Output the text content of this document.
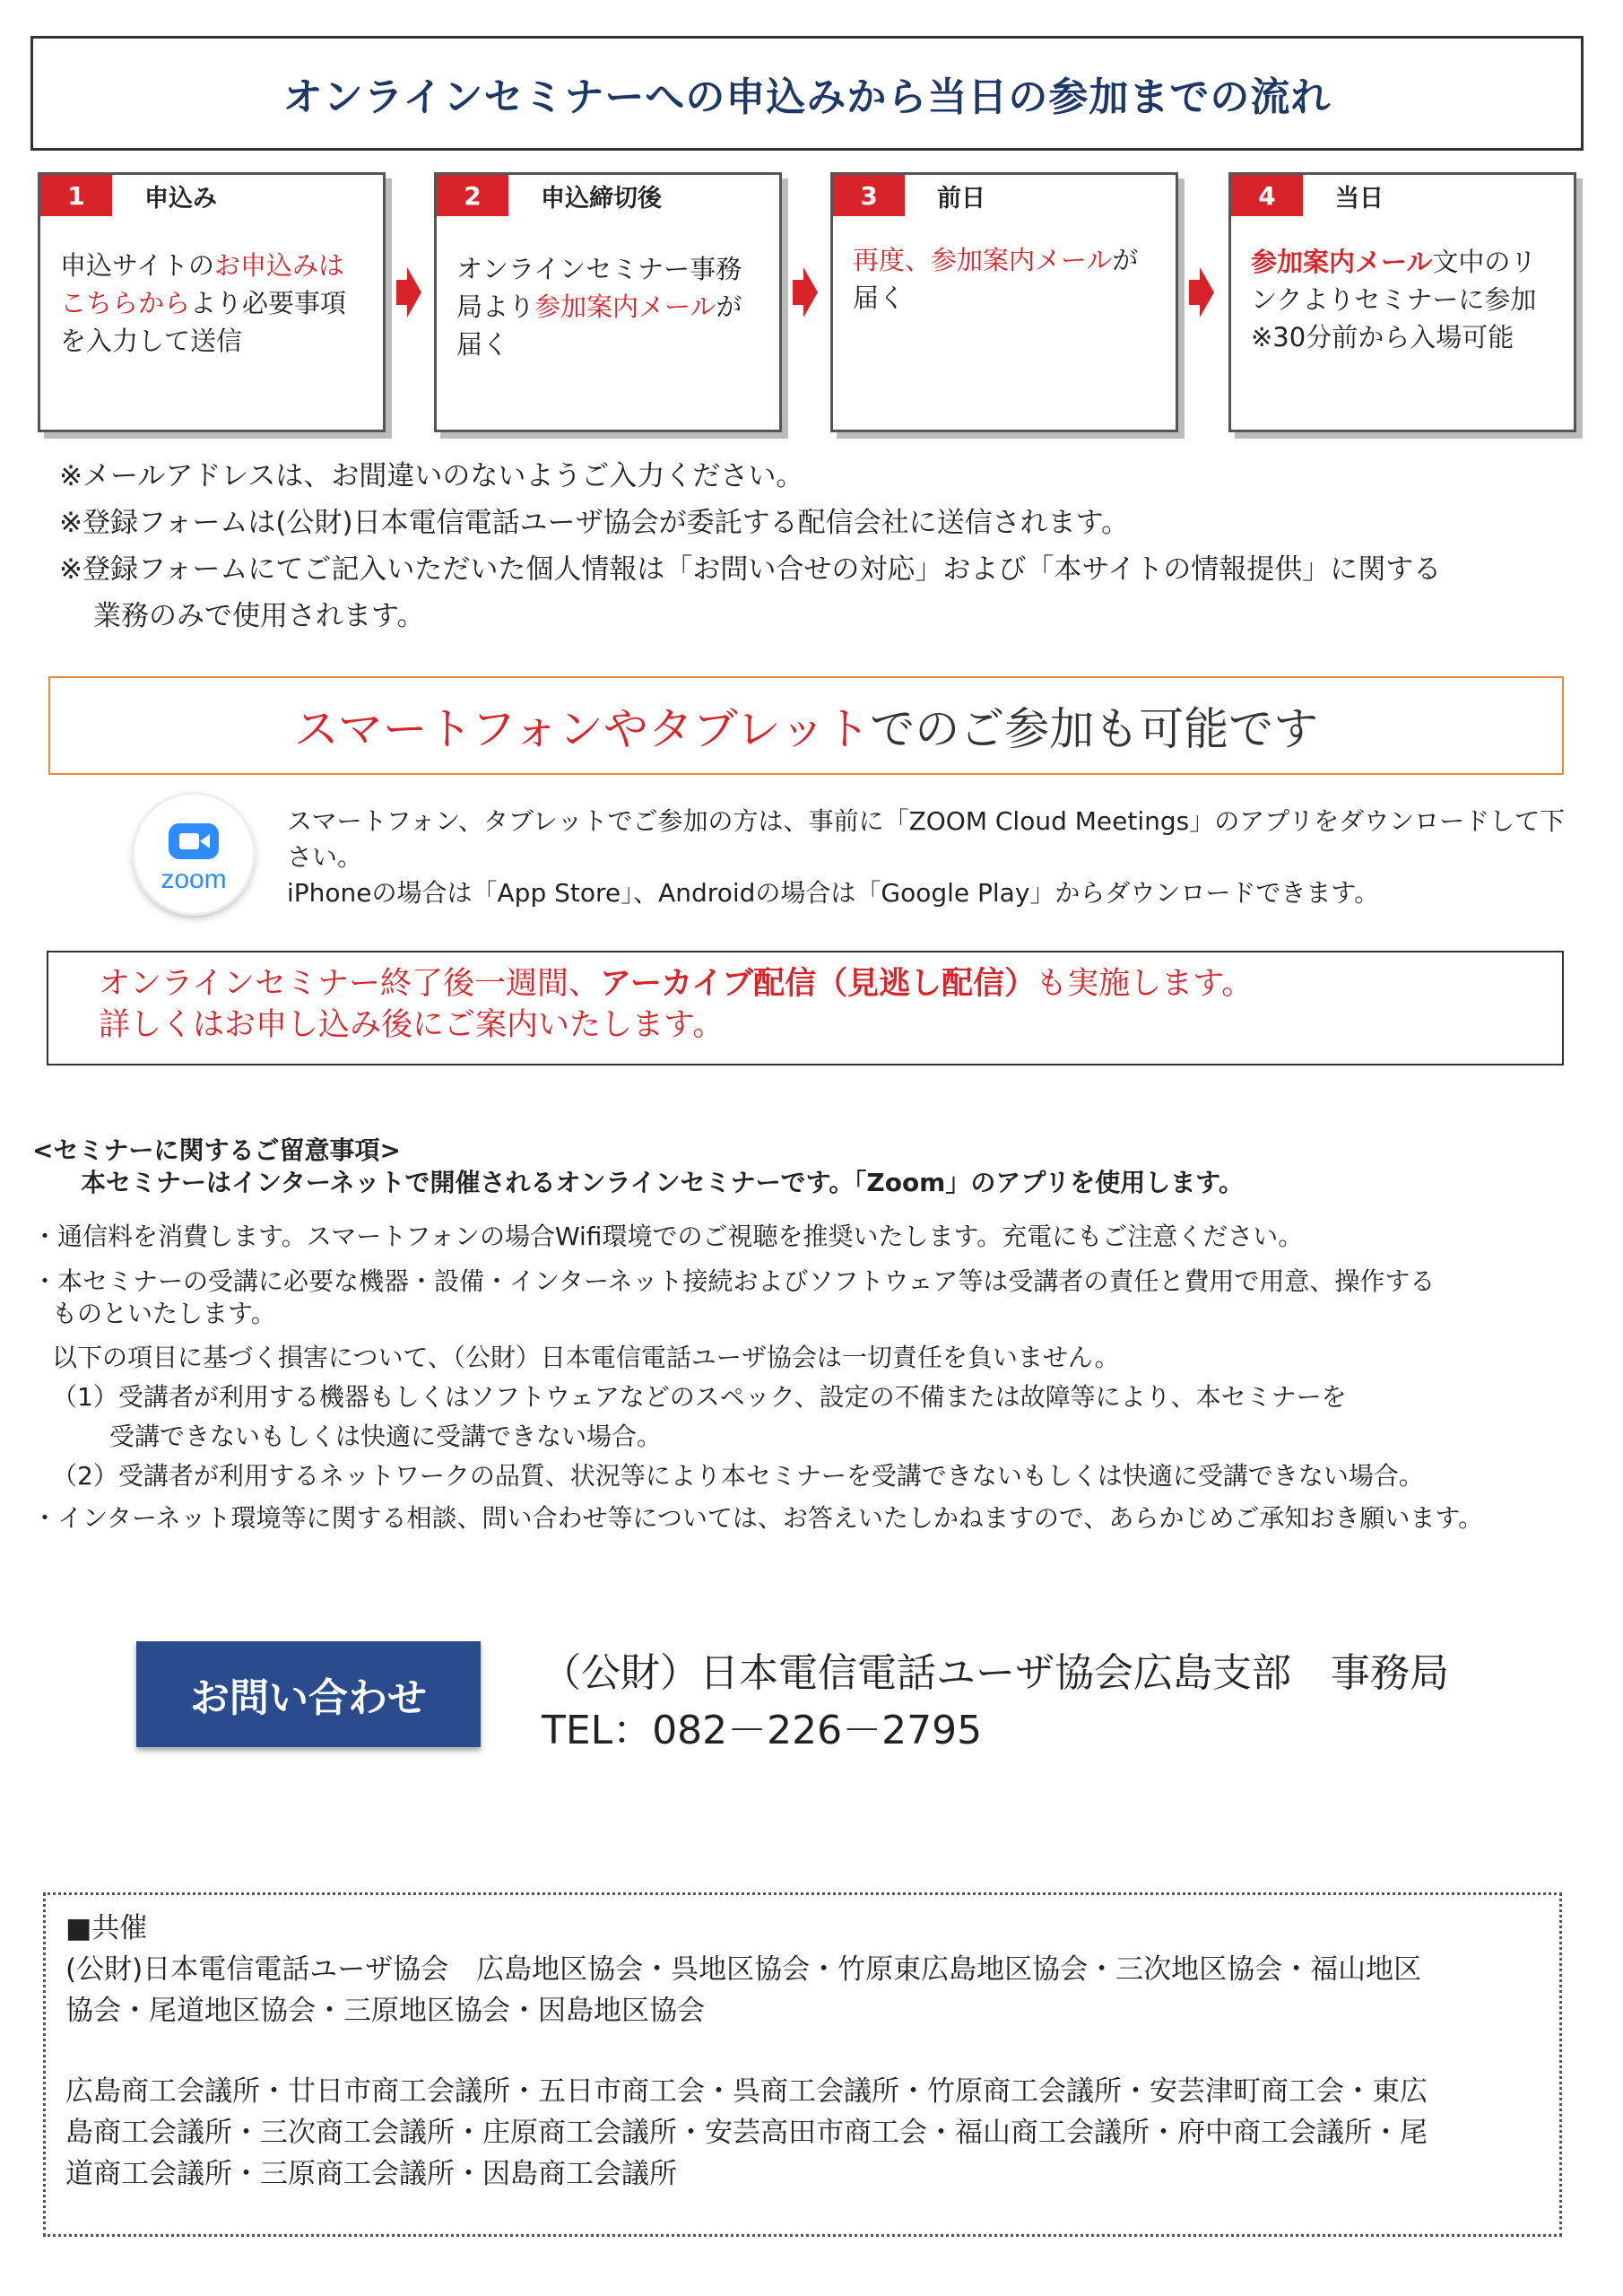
オンラインセミナーへの申込みから当日の参加までの流れ
1	申込み
申込サイトのお申込みはこちらからより必要事項を入力して送信
2	申込締切後
オンラインセミナー事務局より参加案内メールが届く
3	前日
再度、参加案内メールが届く
4	当日
参加案内メール文中のリンクよりセミナーに参加
※30分前から入場可能

※メールアドレスは、お間違いのないようご入力ください。

※登録フォームは(公財)日本電信電話ユーザ協会が委託する配信会社に送信されます。

※登録フォームにてご記入いただいた個人情報は「お問い合せの対応」および「本サイトの情報提供」に関する

業務のみで使用されます。

スマートフォンやタブレット でのご参加も可能です
zoom
スマートフォン、タブレットでご参加の方は、事前に「ZOOM Cloud Meetings」のアプリをダウンロードして下さい。
iPhoneの場合は「App Store」、Androidの場合は「Google Play」からダウンロードできます。
オンラインセミナー終了後一週間、アーカイブ配信（見逃し配信）も実施します。
詳しくはお申し込み後にご案内いたします。
<セミナーに関するご留意事項>
本セミナーはインターネットで開催されるオンラインセミナーです。「Zoom」のアプリを使用します。
・通信料を消費します。スマートフォンの場合Wifi環境でのご視聴を推奨いたします。充電にもご注意ください。
・本セミナーの受講に必要な機器・設備・インターネット接続およびソフトウェア等は受講者の責任と費用で用意、操作する
ものといたします。
以下の項目に基づく損害について、（公財）日本電信電話ユーザ協会は一切責任を負いません。
（1）受講者が利用する機器もしくはソフトウェアなどのスペック、設定の不備または故障等により、本セミナーを
受講できないもしくは快適に受講できない場合。
（2）受講者が利用するネットワークの品質、状況等により本セミナーを受講できないもしくは快適に受講できない場合。
・インターネット環境等に関する相談、問い合わせ等については、お答えいたしかねますので、あらかじめご承知おき願います。
お問い合わせ
（公財）日本電信電話ユーザ協会広島支部　事務局
TEL：082－226－2795

■共催

(公財)日本電信電話ユーザ協会　広島地区協会・呉地区協会・竹原東広島地区協会・三次地区協会・福山地区

協会・尾道地区協会・三原地区協会・因島地区協会

広島商工会議所・廿日市商工会議所・五日市商工会・呉商工会議所・竹原商工会議所・安芸津町商工会・東広

島商工会議所・三次商工会議所・庄原商工会議所・安芸高田市商工会・福山商工会議所・府中商工会議所・尾

道商工会議所・三原商工会議所・因島商工会議所
